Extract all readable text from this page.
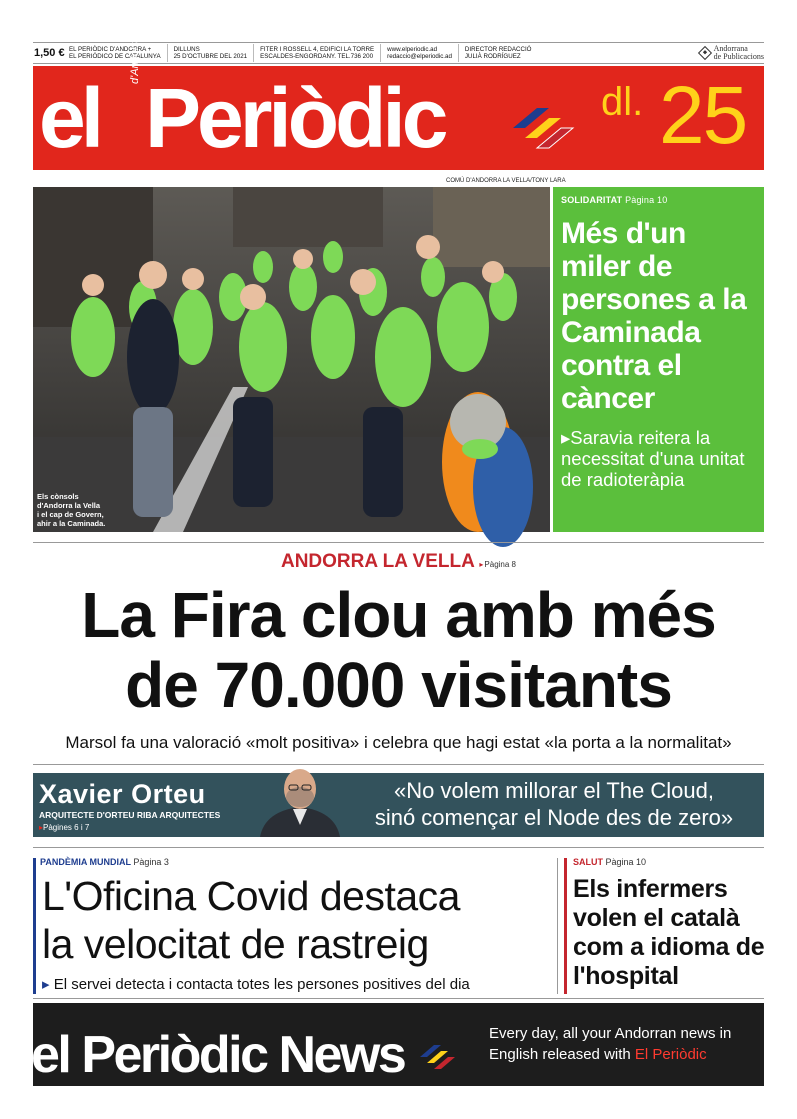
1,50 € EL PERIÒDIC D'ANDORRA +
EL PERIÓDICO DE CATALUNYA
DILLUNS
25 D'OCTUBRE DEL 2021
FITER I ROSSELL 4, EDIFICI LA TORRE
ESCALDES-ENGORDANY. TEL.736 200
www.elperiodic.ad
redaccio@elperiodic.ad
DIRECTOR REDACCIÓ
JULIÀ RODRÍGUEZ
Andorrana
de Publicacions
el
d'Andorra
Periòdic	dl. 25
COMÚ D'ANDORRA LA VELLA/TONY LARA
Els cònsols
d'Andorra la Vella
i el cap de Govern,
ahir a la Caminada.
SOLIDARITAT Pàgina 10
Més d'un miler de persones a la Caminada contra el càncer
▸ Saravia reitera la necessitat d'una unitat de radioteràpia
ANDORRA LA VELLA ▸ Pàgina 8
La Fira clou amb més
de 70.000 visitants
Marsol fa una valoració «molt positiva» i celebra que hagi estat «la porta a la normalitat»
Xavier Orteu
ARQUITECTE D'ORTEU RIBA ARQUITECTES
▸ Pàgines 6 i 7
«No volem millorar el The Cloud,
sinó començar el Node des de zero»
PANDÈMIA MUNDIAL Pàgina 3
L'Oficina Covid destaca
la velocitat de rastreig
▸ El servei detecta i contacta totes les persones positives del dia
SALUT Pàgina 10
Els infermers volen el català com a idioma de l'hospital
el Periòdic News	Every day, all your Andorran news in English released with El Periòdic
